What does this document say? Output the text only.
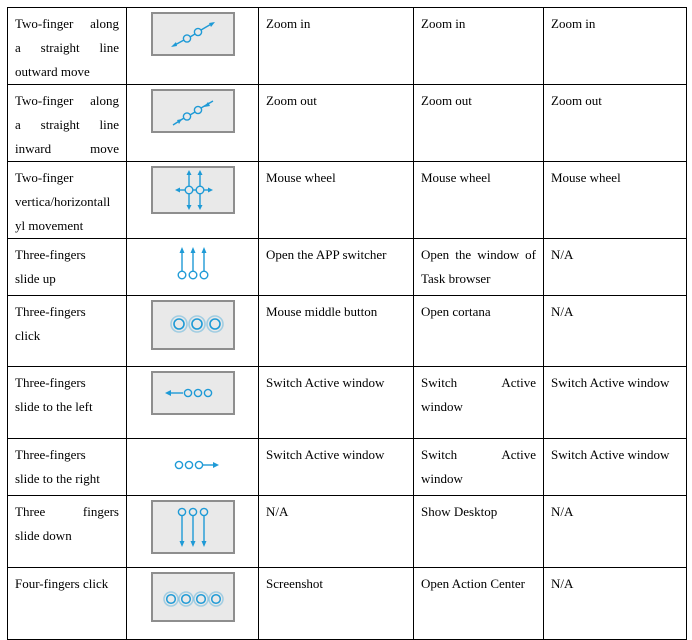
Two-finger along
a straight line
outward move		Zoom in	Zoom in	Zoom in

Two-finger along
a straight line
inward move		Zoom out	Zoom out	Zoom out

Two-finger
vertica/horizontall
yl movement		Mouse wheel	Mouse wheel	Mouse wheel

Three-fingers
slide up		Open the APP switcher	Open the window of Task browser	N/A

Three-fingers
click		Mouse middle button	Open cortana	N/A

Three-fingers
slide to the left		Switch Active window	Switch Active window	Switch Active window

Three-fingers
slide to the right		Switch Active window	Switch Active window	Switch Active window

Three fingers
slide down		N/A	Show Desktop	N/A

Four-fingers click		Screenshot	Open Action Center	N/A
